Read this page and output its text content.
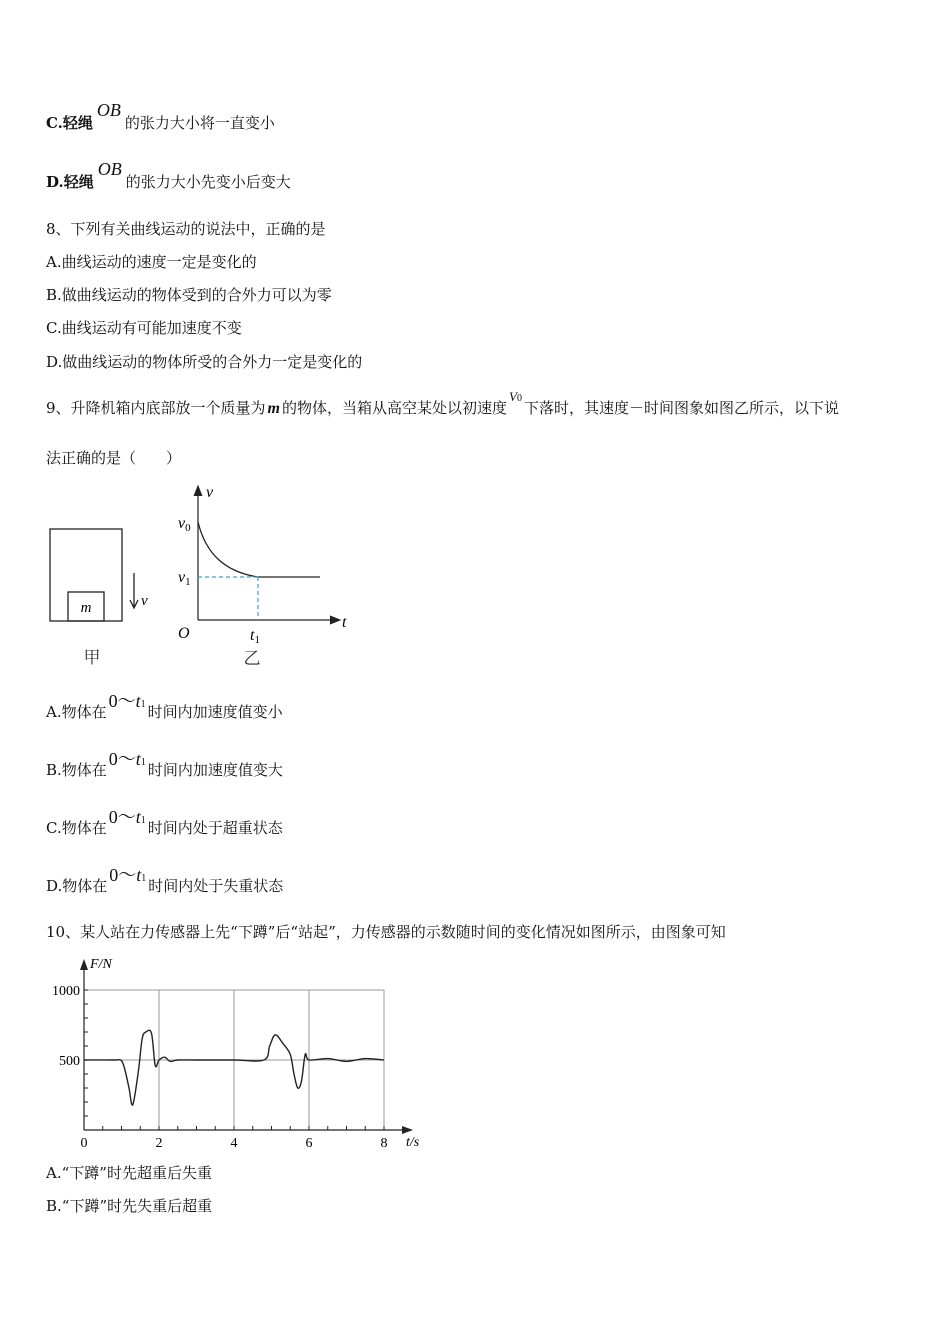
C.轻绳OB的张力大小将一直变小
D.轻绳OB的张力大小先变小后变大
8、下列有关曲线运动的说法中，正确的是
A.曲线运动的速度一定是变化的
B.做曲线运动的物体受到的合外力可以为零
C.曲线运动有可能加速度不变
D.做曲线运动的物体所受的合外力一定是变化的
9、升降机箱内底部放一个质量为 m 的物体，当箱从高空某处以初速度V0下落时，其速度－时间图象如图乙所示，以下说
法正确的是（　　）
m	v
甲
v
t
O
v0
v1
t1
乙
A.物体在0～t1 时间内加速度值变小
B.物体在0～t1 时间内加速度值变大
C.物体在0～t1 时间内处于超重状态
D.物体在0～t1 时间内处于失重状态
10、某人站在力传感器上先“下蹲”后“站起”，力传感器的示数随时间的变化情况如图所示，由图象可知
0	2	4	6	8
500
1000
F/N
t/s
A.“下蹲”时先超重后失重
B.“下蹲”时先失重后超重
